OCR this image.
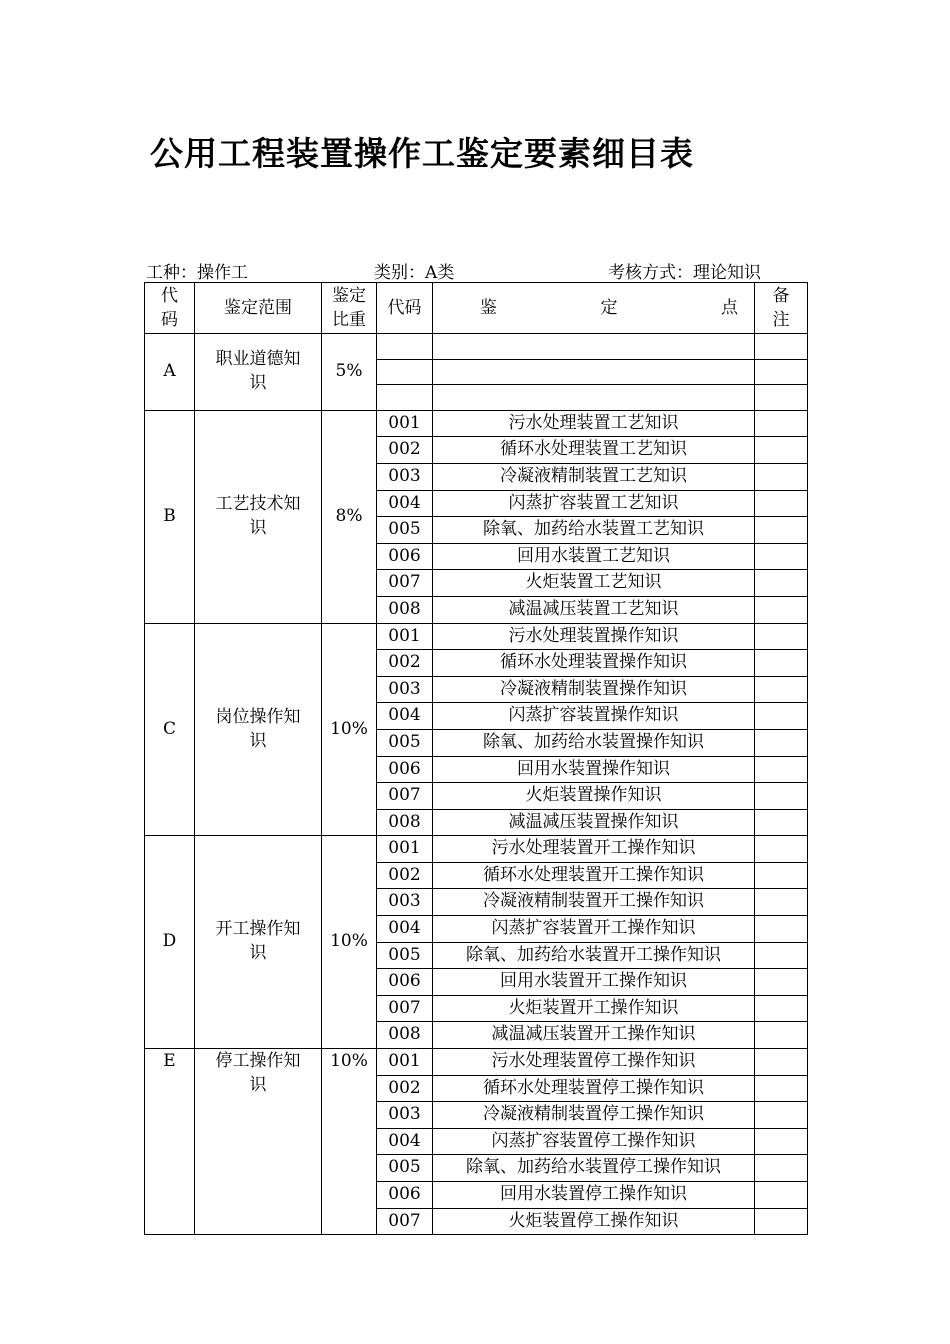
公用工程装置操作工鉴定要素细目表
工种：操作工	类别：A类	考核方式：理论知识
代码	鉴定范围	鉴定比重	代码	鉴 定 点	备注
A	职业道德知识	5%			

B	工艺技术知识	8%	001	污水处理装置工艺知识	
			002	循环水处理装置工艺知识	
			003	冷凝液精制装置工艺知识	
			004	闪蒸扩容装置工艺知识	
			005	除氧、加药给水装置工艺知识	
			006	回用水装置工艺知识	
			007	火炬装置工艺知识	
			008	减温减压装置工艺知识	
C	岗位操作知识	10%	001	污水处理装置操作知识	
			002	循环水处理装置操作知识	
			003	冷凝液精制装置操作知识	
			004	闪蒸扩容装置操作知识	
			005	除氧、加药给水装置操作知识	
			006	回用水装置操作知识	
			007	火炬装置操作知识	
			008	减温减压装置操作知识	
D	开工操作知识	10%	001	污水处理装置开工操作知识	
			002	循环水处理装置开工操作知识	
			003	冷凝液精制装置开工操作知识	
			004	闪蒸扩容装置开工操作知识	
			005	除氧、加药给水装置开工操作知识	
			006	回用水装置开工操作知识	
			007	火炬装置开工操作知识	
			008	减温减压装置开工操作知识	
E	停工操作知识	10%	001	污水处理装置停工操作知识	
			002	循环水处理装置停工操作知识	
			003	冷凝液精制装置停工操作知识	
			004	闪蒸扩容装置停工操作知识	
			005	除氧、加药给水装置停工操作知识	
			006	回用水装置停工操作知识	
			007	火炬装置停工操作知识	
